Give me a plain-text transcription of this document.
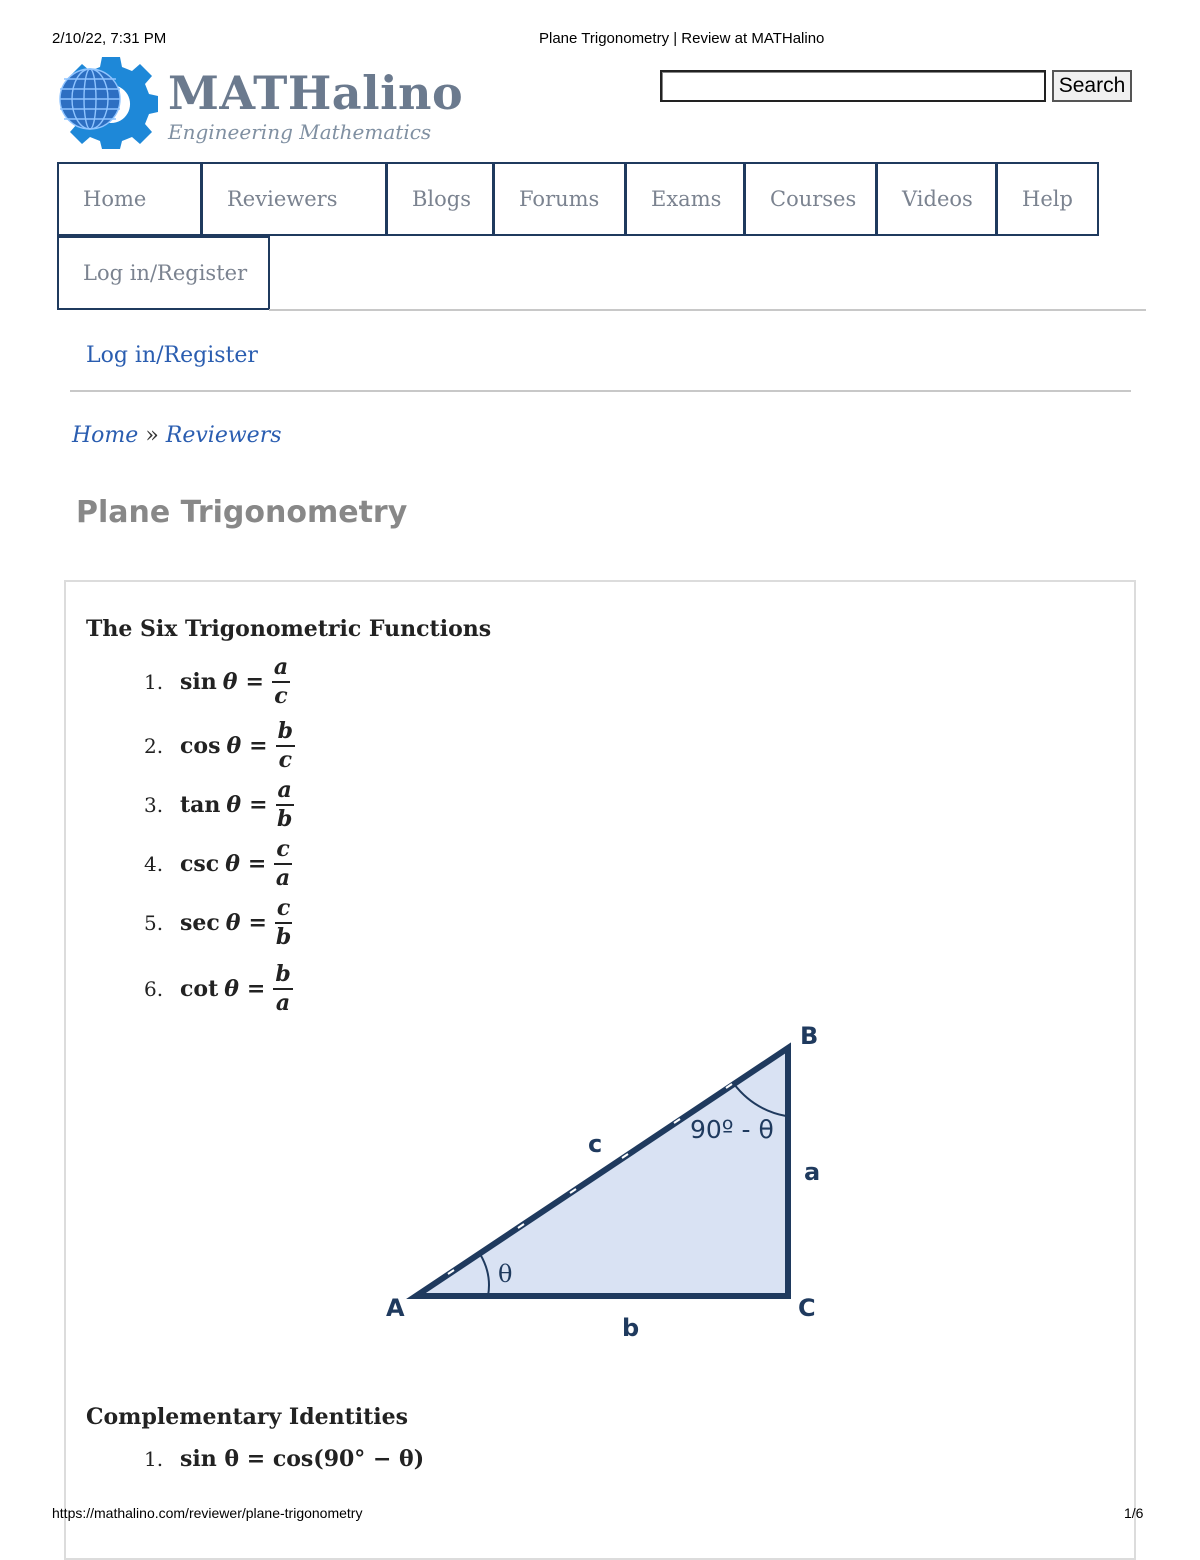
2/10/22, 7:31 PM	Plane Trigonometry | Review at MATHalino
MATHalino
Engineering Mathematics
Search
Home	Reviewers	Blogs Forums Exams Courses Videos Help
Log in/Register
Log in/Register
Home » Reviewers
Plane Trigonometry
The Six Trigonometric Functions
1. $\sin \theta = \frac{a}{c}$
2. $\cos \theta = \frac{b}{c}$
3. $\tan \theta = \frac{a}{b}$
4. $\csc \theta = \frac{c}{a}$
5. $\sec \theta = \frac{c}{b}$
6. $\cot \theta = \frac{b}{a}$
A
B
C
a
b
c
θ
90º - θ
Complementary Identities
1. sin θ = cos(90° − θ)
https://mathalino.com/reviewer/plane-trigonometry	1/6
